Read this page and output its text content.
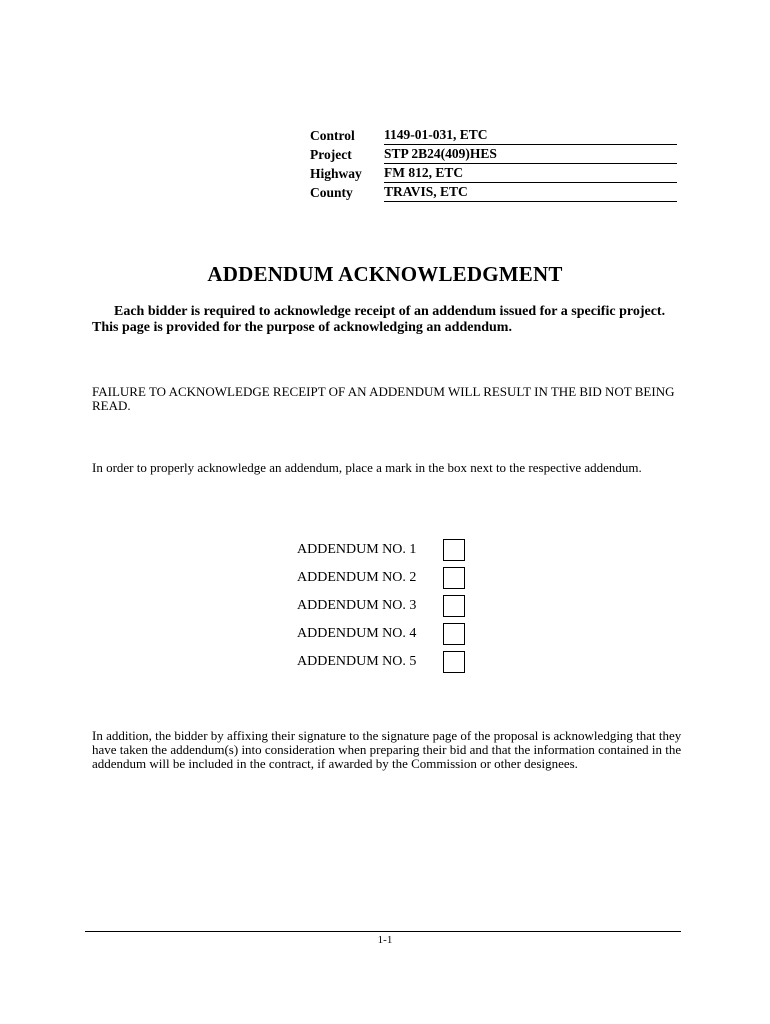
Control	1149-01-031, ETC
Project	STP 2B24(409)HES
Highway	FM 812, ETC
County	TRAVIS, ETC
ADDENDUM ACKNOWLEDGMENT
Each bidder is required to acknowledge receipt of an addendum issued for a specific project. This page is provided for the purpose of acknowledging an addendum.
FAILURE TO ACKNOWLEDGE RECEIPT OF AN ADDENDUM WILL RESULT IN THE BID NOT BEING READ.
In order to properly acknowledge an addendum, place a mark in the box next to the respective addendum.
ADDENDUM NO. 1
ADDENDUM NO. 2
ADDENDUM NO. 3
ADDENDUM NO. 4
ADDENDUM NO. 5
In addition, the bidder by affixing their signature to the signature page of the proposal is acknowledging that they have taken the addendum(s) into consideration when preparing their bid and that the information contained in the addendum will be included in the contract, if awarded by the Commission or other designees.
1-1
